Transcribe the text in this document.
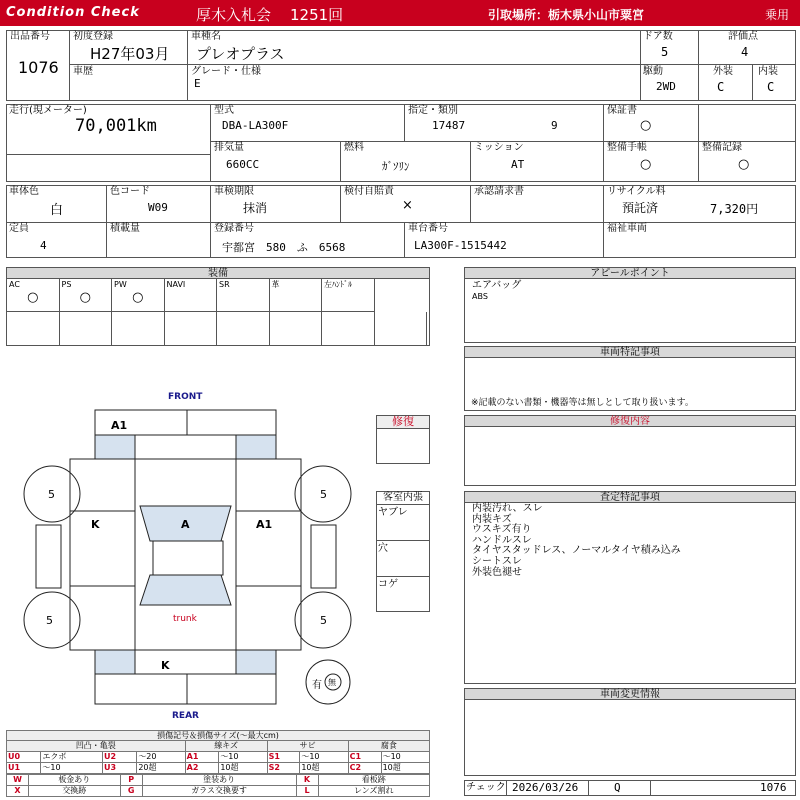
Condition Check	厚木入札会 1251回	引取場所：栃木県小山市粟宮	乗用
出品番号
1076
初度登録
H27年03月
車種名
プレオプラス
ドア数
5
評価点
4
車歴	グレード・仕様
E
駆動
2WD
外装
C
内装
C
走行(現メーター)
70,001km
型式
DBA-LA300F
指定・類別
17487	9
保証書
○
排気量
660CC
燃料
ｶﾞｿﾘﾝ
ミッション
AT
整備手帳
○
整備記録
○
車体色
白
色コード
W09
車検期限
抹消
検付自賠責
×
承認請求書	リサイクル料
預託済	7,320円
定員
4
積載量	登録番号
宇都宮　580　ふ　6568
車台番号
LA300F-1515442
福祉車両
装備
AC
○
PS
○
PW
○
NAVI	SR	革	左ﾊﾝﾄﾞﾙ
FRONT
REAR
A1
K	A	A1
K
trunk
5	5
5	5
有 無
修復
客室内張
ヤブレ
穴
コゲ
アピールポイント
エアバッグ
ABS
車両特記事項
※記載のない書類・機器等は無しとして取り扱います。
修復内容
査定特記事項
内装汚れ、スレ
内装キズ
ウスキズ有り
ハンドルスレ
タイヤスタッドレス、ノーマルタイヤ積み込み
シートスレ
外装色褪せ
車両変更情報
チェック 2026/03/26	Q	1076
損傷記号＆損傷サイズ(〜最大cm)
凹凸・亀裂				線キズ		サビ		腐食	
U0	エクボ	U2	〜20	A1	〜10	S1	〜10	C1	〜10
U1	〜10	U3	20超	A2	10超	S2	10超	C2	10超
W	板金あり	P	塗装あり	K	看板跡
X	交換跡	G	ガラス交換要す	L	レンズ割れ
